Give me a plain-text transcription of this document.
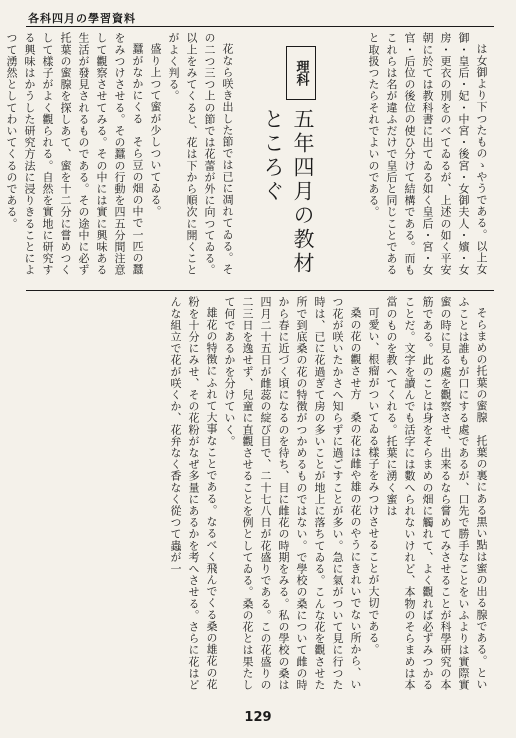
各科四月の學習資料
理科
五年四月の教材ところぐ	は女御より下つたものゝやうである。以上女御・皇后・妃・中宮・後宮・女御夫人・嬪・女房・更衣の別をのべてゐるが、上述の如く平安朝に於ては教科書に出てゐる如く皇后・宮・女官・后位の後位の使ひ分けて結構である。而もこれらは名が違ふだけで皇后と同じことであると取扱つたらそれでよいのである。

花なら咲き出した節では已に凋れてゐる。その二つ三つ上の節では花蕾が外に向つてゐる。以上をみてくると、花は下から順次に開くことがよく判る。

盛り上つて蜜が少しついてゐる。

蠶がなかにくる　そら豆の畑の中で一匹の蠶をみつけさせる。その蠶の行動を四五分間注意して觀察させてみる。その中には實に興味ある生活が發見されるものである。その途中に必ず托葉の蜜腺を探しあて、蜜を十二分に嘗めつくして樣子がよく觀られる。自然を實地に研究する興味はかうした研究方法に浸りきることによつて湧然としてわいてくるのである。

そらまめの托葉の蜜腺　托葉の裏にある黒い點は蜜の出る腺である。といふことは誰もが口にする處であるが、口先で勝手なことをいふよりは實際實蜜の時に見る處を觀察させ、出来るなら嘗めてみさせることが科學研究の本筋である。此のことは身をそらまめの畑に觸れて、よく觀れば必ずみつかることだ。文字を讀んでも活字には數へられないけれど、本物のそらまめは本當のものを教へてくれる。托葉に湧く蜜は

可愛い、根瘤がついてゐる樣子をみつけさせることが大切である。

桑の花の觀させ方　桑の花は雌や雄の花のやうにきれいでない所から、いつ花が咲いたかさへ知らずに過ごすことが多い。急に氣がついて見に行つた時は、已に花過ぎて房の多いことが地上に落ちてゐる。こんな花を觀させた所で到底桑の花の特徴がつかめるものではない。で學校の桑について雌の時から春に近づく頃になるのを待ち、目に雌花の時期をみる。私の學校の桑は四月二十五日が雌蕊の綻び目で、二十七八日が花盛りである。この花盛りの二三日を逸せず、兒童に直觀させることを例としてゐる。桑の花とは果たして何であるかを分けていく。

雄花の特徴にふれて大事なことである。なるべく飛んでくる桑の雄花の花粉を十分にみせ、その花粉がなぜ多量にあるかを考へさせる。さらに花はどんな組立で花が咲くか、花弁なく香なく從つて蟲が一

129
